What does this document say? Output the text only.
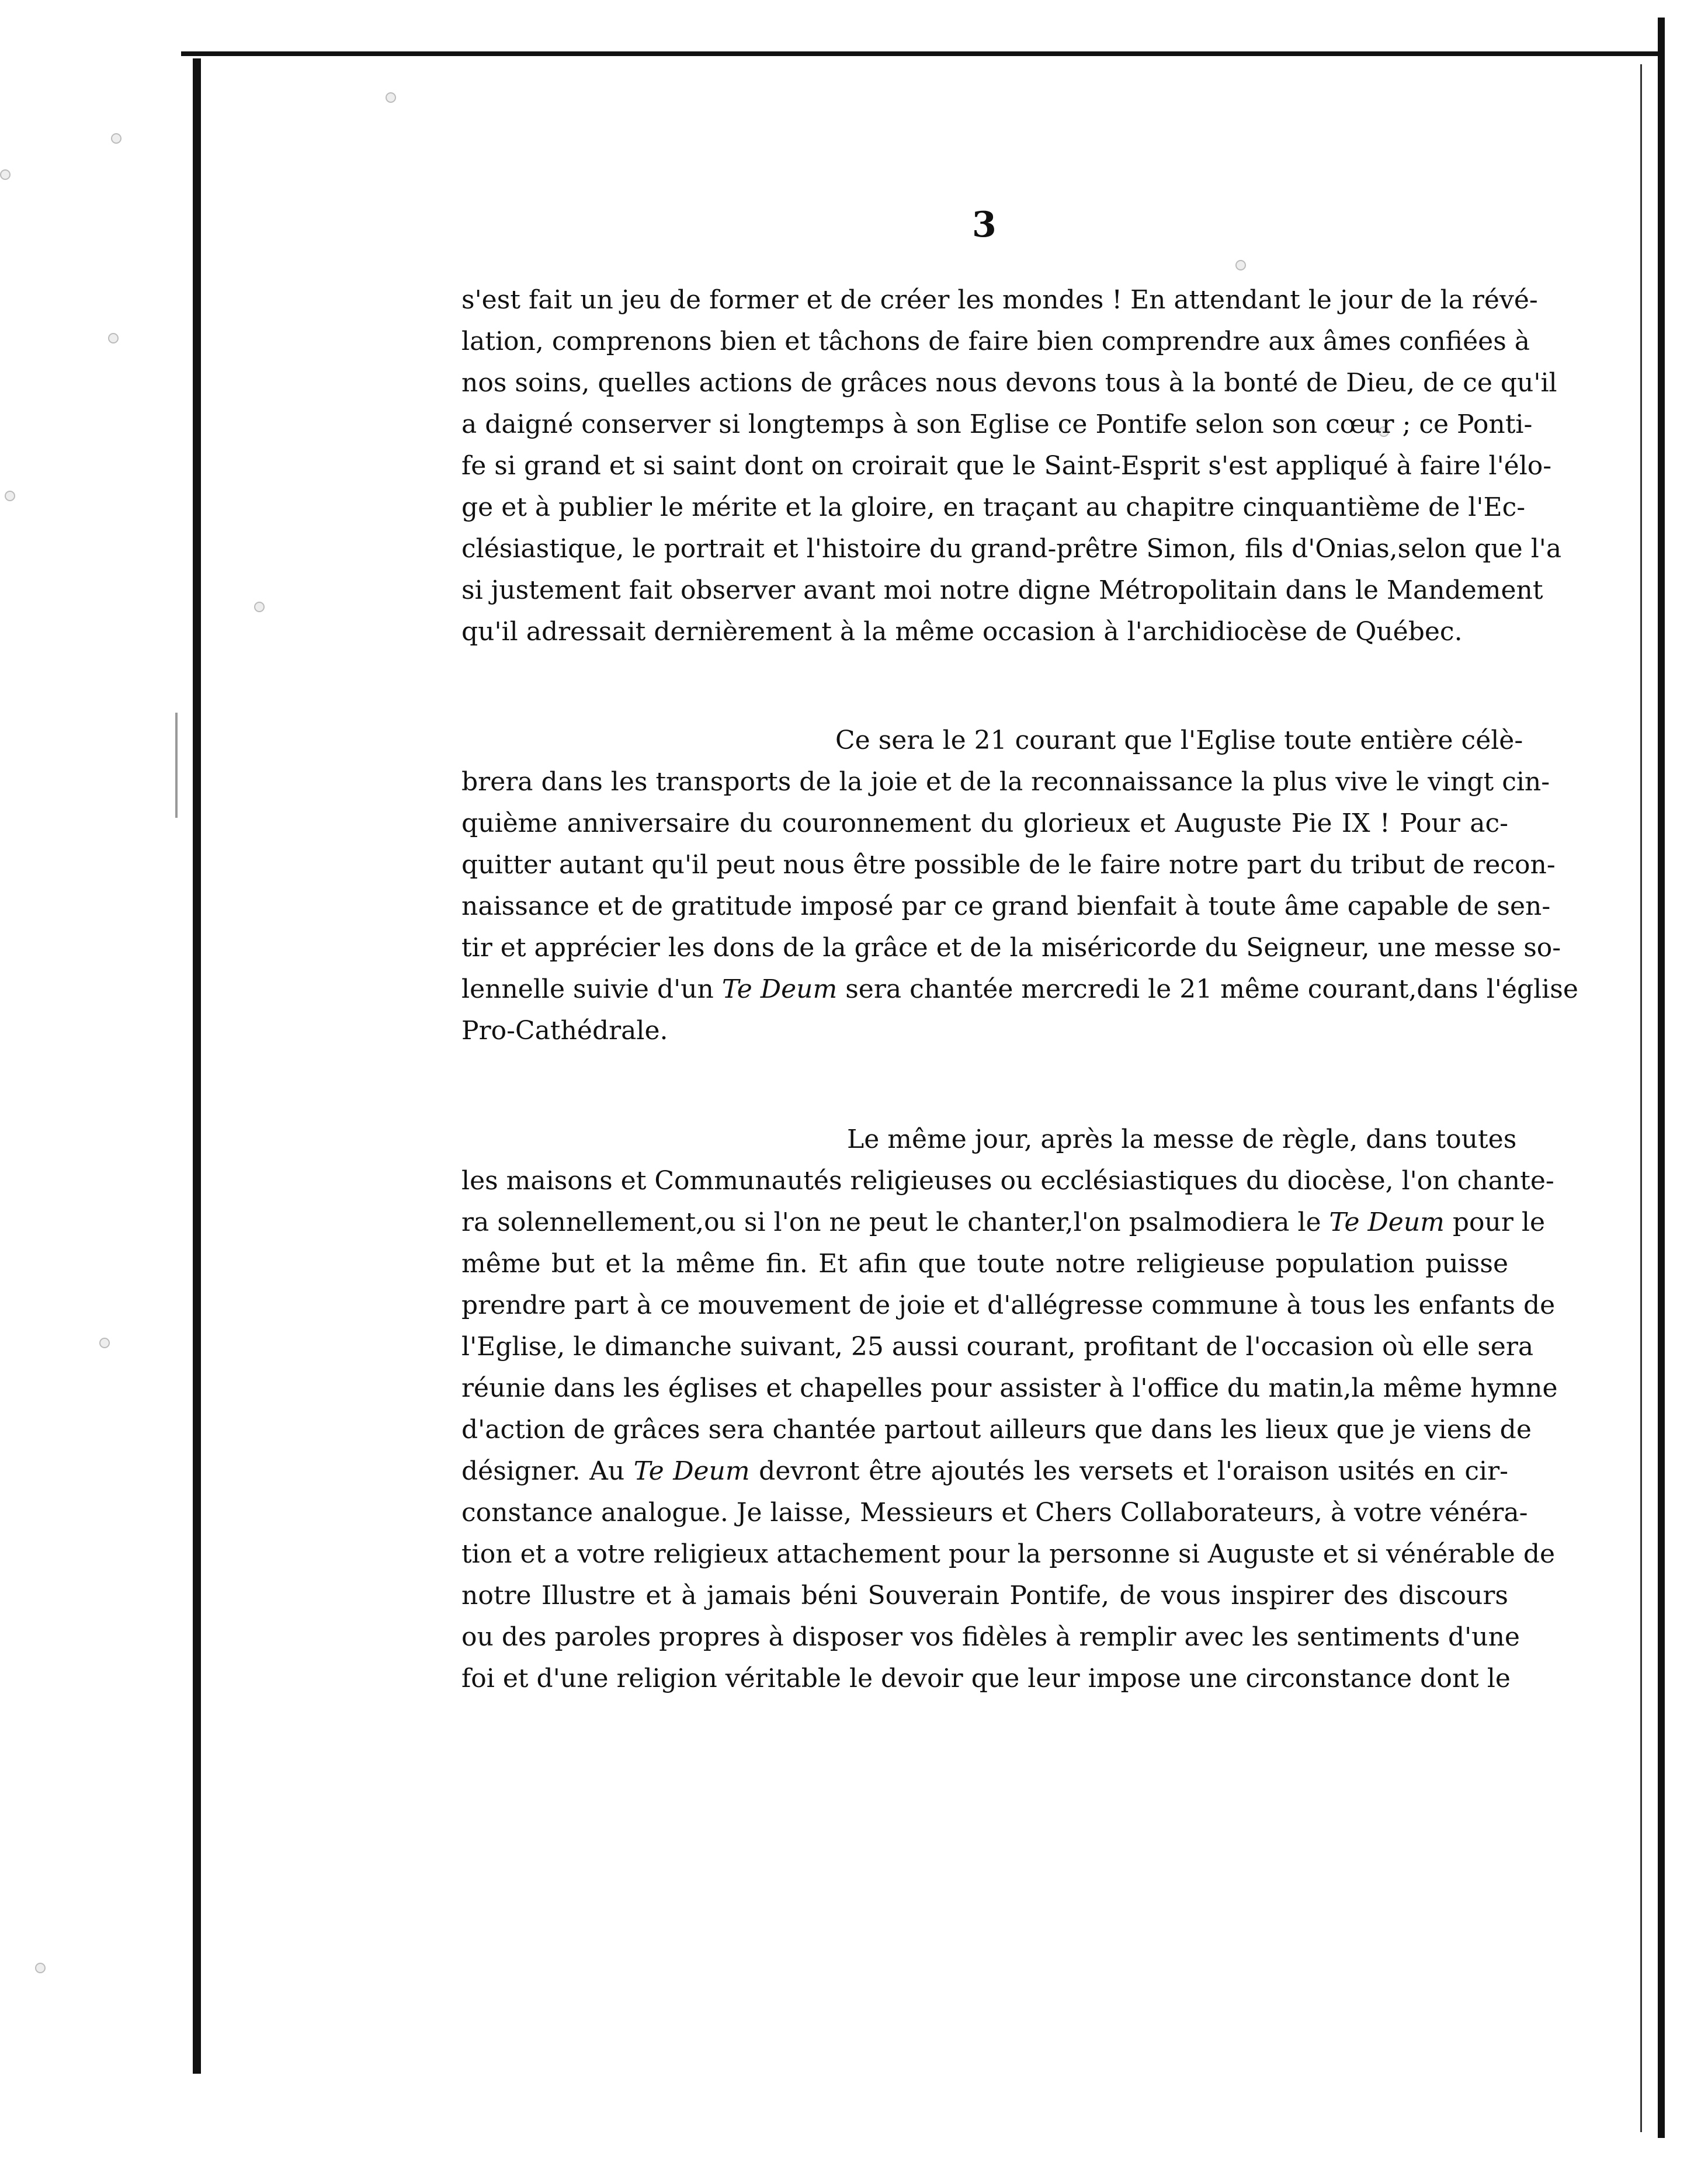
3
s'est fait un jeu de former et de créer les mondes ! En attendant le jour de la révé-
lation, comprenons bien et tâchons de faire bien comprendre aux âmes confiées à
nos soins, quelles actions de grâces nous devons tous à la bonté de Dieu, de ce qu'il
a daigné conserver si longtemps à son Eglise ce Pontife selon son cœur ; ce Ponti-
fe si grand et si saint dont on croirait que le Saint-Esprit s'est appliqué à faire l'élo-
ge et à publier le mérite et la gloire, en traçant au chapitre cinquantième de l'Ec-
clésiastique, le portrait et l'histoire du grand-prêtre Simon, fils d'Onias,selon que l'a
si justement fait observer avant moi notre digne Métropolitain dans le Mandement
qu'il adressait dernièrement à la même occasion à l'archidiocèse de Québec.
Ce sera le 21 courant que l'Eglise toute entière célè-
brera dans les transports de la joie et de la reconnaissance la plus vive le vingt cin-
quième anniversaire du couronnement du glorieux et Auguste Pie IX ! Pour ac-
quitter autant qu'il peut nous être possible de le faire notre part du tribut de recon-
naissance et de gratitude imposé par ce grand bienfait à toute âme capable de sen-
tir et apprécier les dons de la grâce et de la miséricorde du Seigneur, une messe so-
lennelle suivie d'un Te Deum sera chantée mercredi le 21 même courant,dans l'église
Pro-Cathédrale.
Le même jour, après la messe de règle, dans toutes
les maisons et Communautés religieuses ou ecclésiastiques du diocèse, l'on chante-
ra solennellement,ou si l'on ne peut le chanter,l'on psalmodiera le Te Deum pour le
même but et la même fin. Et afin que toute notre religieuse population puisse
prendre part à ce mouvement de joie et d'allégresse commune à tous les enfants de
l'Eglise, le dimanche suivant, 25 aussi courant, profitant de l'occasion où elle sera
réunie dans les églises et chapelles pour assister à l'office du matin,la même hymne
d'action de grâces sera chantée partout ailleurs que dans les lieux que je viens de
désigner. Au Te Deum devront être ajoutés les versets et l'oraison usités en cir-
constance analogue. Je laisse, Messieurs et Chers Collaborateurs, à votre vénéra-
tion et a votre religieux attachement pour la personne si Auguste et si vénérable de
notre Illustre et à jamais béni Souverain Pontife, de vous inspirer des discours
ou des paroles propres à disposer vos fidèles à remplir avec les sentiments d'une
foi et d'une religion véritable le devoir que leur impose une circonstance dont le
